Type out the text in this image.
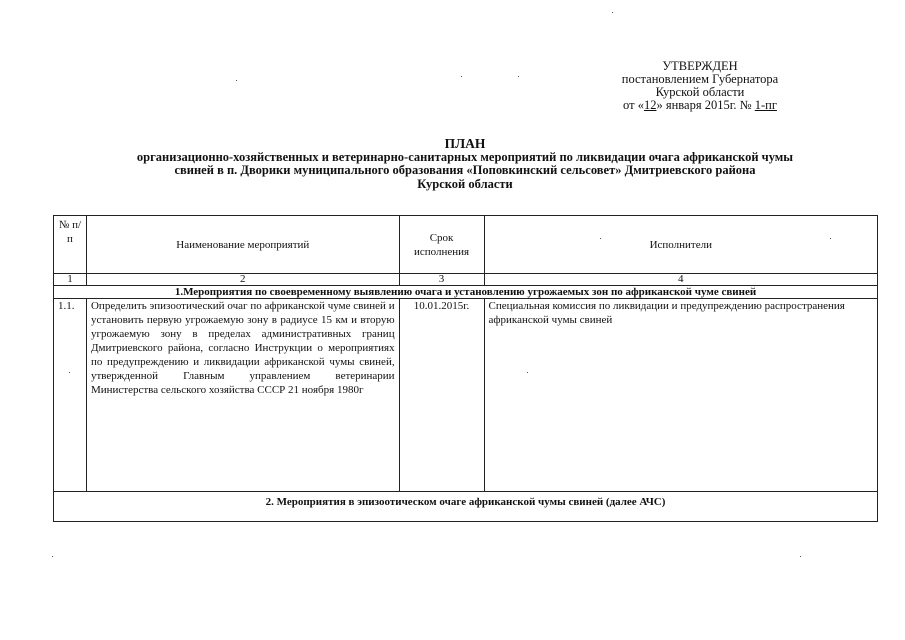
УТВЕРЖДЕН
постановлением Губернатора
Курской области
от «12» января 2015г. № 1-пг
ПЛАН
организационно-хозяйственных и ветеринарно-санитарных мероприятий по ликвидации очага африканской чумы
свиней в п. Дворики муниципального образования «Поповкинский сельсовет» Дмитриевского района
Курской области
№ п/п	Наименование мероприятий	Срок исполнения	Исполнители
1	2	3	4
1.Мероприятия по своевременному выявлению очага и установлению угрожаемых зон по африканской чуме свиней			
1.1.	Определить эпизоотический очаг по африканской чуме свиней и установить первую угрожаемую зону в радиусе 15 км и вторую угрожаемую зону в пределах административных границ Дмитриевского района, согласно Инструкции о мероприятиях по предупреждению и ликвидации африканской чумы свиней, утвержденной Главным управлением ветеринарии Министерства сельского хозяйства СССР 21 ноября 1980г	10.01.2015г.	Специальная комиссия по ликвидации и предупреждению распространения африканской чумы свиней
2. Мероприятия в эпизоотическом очаге африканской чумы свиней (далее АЧС)			
